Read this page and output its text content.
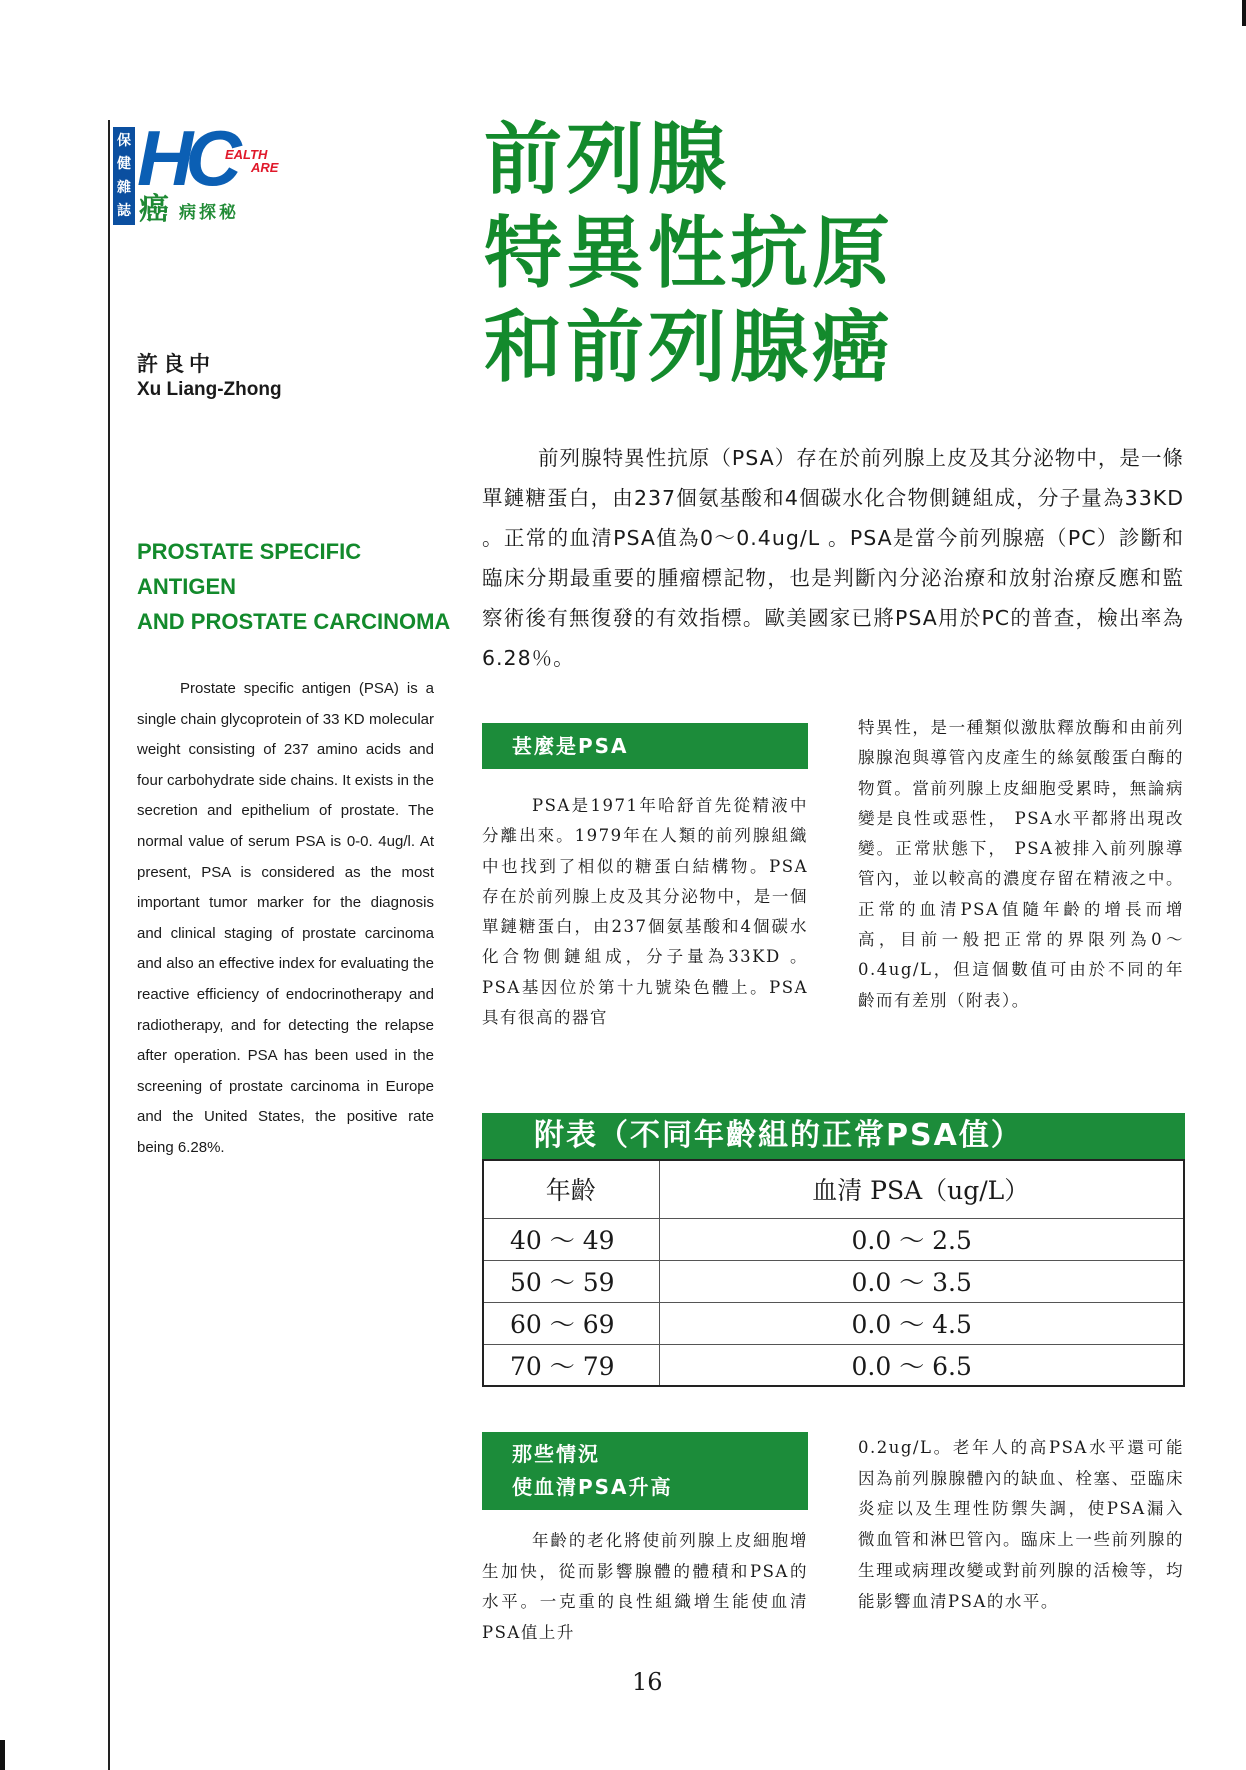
保
健
雜
誌
HC
EALTH
ARE
癌 病探秘
前列腺
特異性抗原
和前列腺癌
許良中
Xu Liang-Zhong
PROSTATE SPECIFIC
ANTIGEN
AND PROSTATE CARCINOMA

Prostate specific antigen (PSA) is a single chain glycoprotein of 33 KD molecular weight consisting of 237 amino acids and four carbohydrate side chains. It exists in the secretion and epithelium of prostate. The normal value of serum PSA is 0-0. 4ug/l. At present, PSA is considered as the most important tumor marker for the diagnosis and clinical staging of prostate carcinoma and also an effective index for evaluating the reactive efficiency of endocrinotherapy and radiotherapy, and for detecting the relapse after operation. PSA has been used in the screening of prostate carcinoma in Europe and the United States, the positive rate being 6.28%.

前列腺特異性抗原（PSA）存在於前列腺上皮及其分泌物中，是一條單鏈糖蛋白，由237個氨基酸和4個碳水化合物側鏈組成，分子量為33KD 。正常的血清PSA值為0～0.4ug/L 。PSA是當今前列腺癌（PC）診斷和臨床分期最重要的腫瘤標記物，也是判斷內分泌治療和放射治療反應和監察術後有無復發的有效指標。歐美國家已將PSA用於PC的普查，檢出率為6.28％。

甚麼是PSA

PSA是1971年哈舒首先從精液中分離出來。1979年在人類的前列腺組織中也找到了相似的糖蛋白結構物。PSA存在於前列腺上皮及其分泌物中，是一個單鏈糖蛋白，由237個氨基酸和4個碳水化合物側鏈組成，分子量為33KD 。PSA基因位於第十九號染色體上。PSA具有很高的器官

特異性，是一種類似激肽釋放酶和由前列腺腺泡與導管內皮產生的絲氨酸蛋白酶的物質。當前列腺上皮細胞受累時，無論病變是良性或惡性， PSA水平都將出現改變。正常狀態下， PSA被排入前列腺導管內，並以較高的濃度存留在精液之中。正常的血清PSA值隨年齡的增長而增高，目前一般把正常的界限列為0～0.4ug/L，但這個數值可由於不同的年齡而有差別（附表）。

附表（不同年齡組的正常PSA值）
年齡	血清 PSA（ug/L）
40 ～ 49	0.0 ～ 2.5
50 ～ 59	0.0 ～ 3.5
60 ～ 69	0.0 ～ 4.5
70 ～ 79	0.0 ～ 6.5
那些情況
使血清PSA升高

年齡的老化將使前列腺上皮細胞增生加快，從而影響腺體的體積和PSA的水平。一克重的良性組織增生能使血清PSA值上升

0.2ug/L。老年人的高PSA水平還可能因為前列腺腺體內的缺血、栓塞、亞臨床炎症以及生理性防禦失調，使PSA漏入微血管和淋巴管內。臨床上一些前列腺的生理或病理改變或對前列腺的活檢等，均能影響血清PSA的水平。

16
